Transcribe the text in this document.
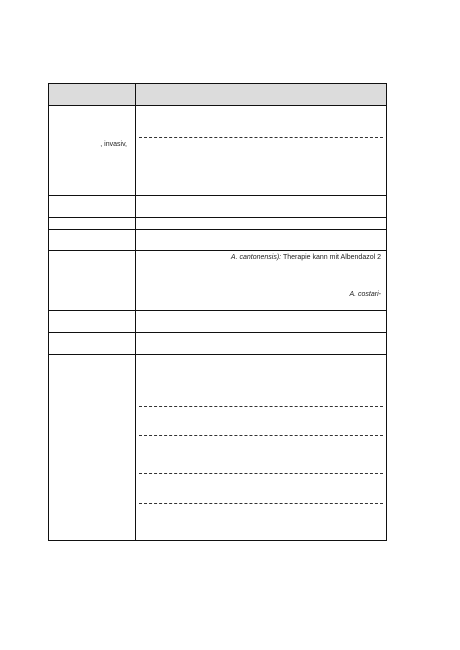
, invasiv,
A. cantonensis): Therapie kann mit Albendazol 2
A. costari-
